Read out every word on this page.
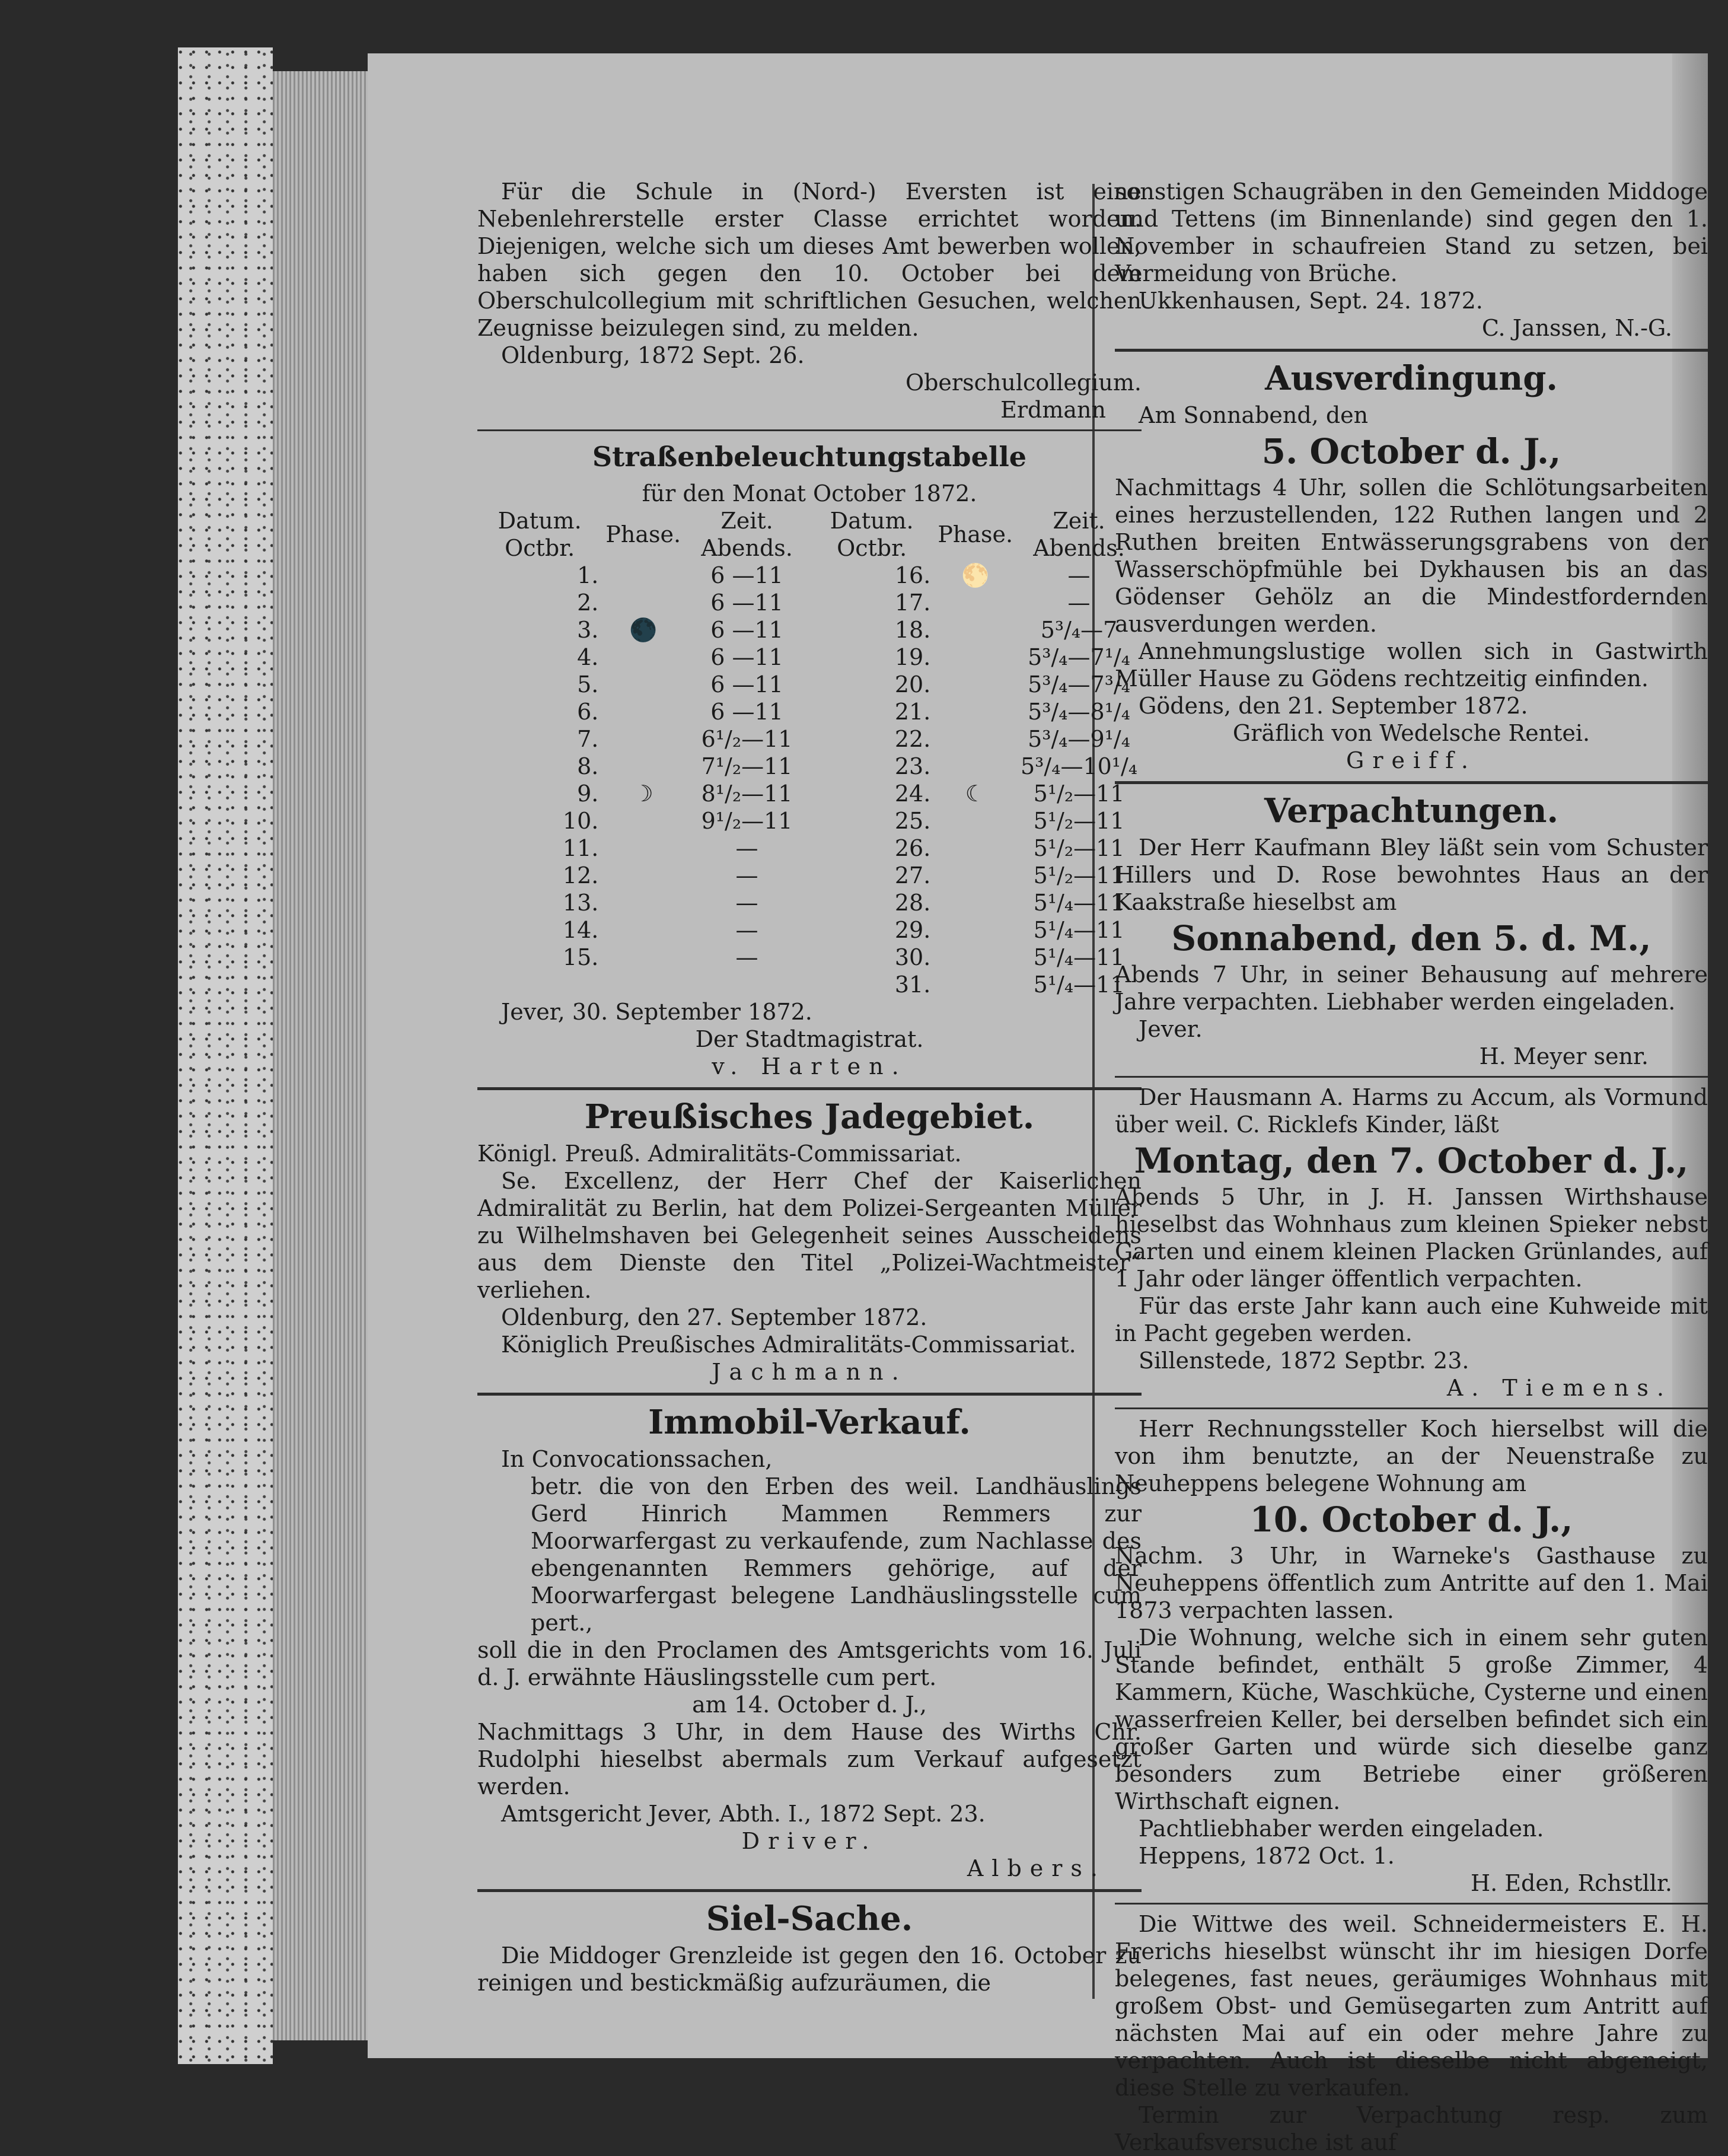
Für die Schule in (Nord-) Eversten ist eine Nebenlehrerstelle erster Classe errichtet worden. Diejenigen, welche sich um dieses Amt bewerben wollen, haben sich gegen den 10. October bei dem Oberschulcollegium mit schriftlichen Gesuchen, welchen Zeugnisse beizulegen sind, zu melden.

Oldenburg, 1872 Sept. 26.

Oberschulcollegium.

Erdmann

Straßenbeleuchtungstabelle

für den Monat October 1872.

Datum. Octbr.	Phase.	Zeit. Abends.	Datum. Octbr.	Phase.	Zeit. Abends.
1.		6 —11	16.	🌕	—
2.		6 —11	17.		—
3.	🌑	6 —11	18.		5³/₄—7
4.		6 —11	19.		5³/₄—7¹/₄
5.		6 —11	20.		5³/₄—7³/₄
6.		6 —11	21.		5³/₄—8¹/₄
7.		6¹/₂—11	22.		5³/₄—9¹/₄
8.		7¹/₂—11	23.		5³/₄—10¹/₄
9.	☽	8¹/₂—11	24.	☾	5¹/₂—11
10.		9¹/₂—11	25.		5¹/₂—11
11.		—	26.		5¹/₂—11
12.		—	27.		5¹/₂—11
13.		—	28.		5¹/₄—11
14.		—	29.		5¹/₄—11
15.		—	30.		5¹/₄—11
			31.		5¹/₄—11

Jever, 30. September 1872.

Der Stadtmagistrat.

v. Harten.

Preußisches Jadegebiet.

Königl. Preuß. Admiralitäts-Commissariat.

Se. Excellenz, der Herr Chef der Kaiserlichen Admiralität zu Berlin, hat dem Polizei-Sergeanten Müller zu Wilhelmshaven bei Gelegenheit seines Ausscheidens aus dem Dienste den Titel „Polizei-Wachtmeister“ verliehen.

Oldenburg, den 27. September 1872.

Königlich Preußisches Admiralitäts-Commissariat.

Jachmann.

Immobil-Verkauf.

In Convocationssachen,

betr. die von den Erben des weil. Landhäuslings Gerd Hinrich Mammen Remmers zur Moorwarfergast zu verkaufende, zum Nachlasse des ebengenannten Remmers gehörige, auf der Moorwarfergast belegene Landhäuslingsstelle cum pert.,

soll die in den Proclamen des Amtsgerichts vom 16. Juli d. J. erwähnte Häuslingsstelle cum pert.

am 14. October d. J.,

Nachmittags 3 Uhr, in dem Hause des Wirths Chr. Rudolphi hieselbst abermals zum Verkauf aufgesetzt werden.

Amtsgericht Jever, Abth. I., 1872 Sept. 23.

Driver.

Albers.

Siel-Sache.

Die Middoger Grenzleide ist gegen den 16. October zu reinigen und bestickmäßig aufzuräumen, die

sonstigen Schaugräben in den Gemeinden Middoge und Tettens (im Binnenlande) sind gegen den 1. November in schaufreien Stand zu setzen, bei Vermeidung von Brüche.

Ukkenhausen, Sept. 24. 1872.

C. Janssen, N.-G.

Ausverdingung.

Am Sonnabend, den

5. October d. J.,

Nachmittags 4 Uhr, sollen die Schlötungsarbeiten eines herzustellenden, 122 Ruthen langen und 2 Ruthen breiten Entwässerungsgrabens von der Wasserschöpfmühle bei Dykhausen bis an das Gödenser Gehölz an die Mindestfordernden ausverdungen werden.

Annehmungslustige wollen sich in Gastwirth Müller Hause zu Gödens rechtzeitig einfinden.

Gödens, den 21. September 1872.

Gräflich von Wedelsche Rentei.

Greiff.

Verpachtungen.

Der Herr Kaufmann Bley läßt sein vom Schuster Hillers und D. Rose bewohntes Haus an der Kaakstraße hieselbst am

Sonnabend, den 5. d. M.,

Abends 7 Uhr, in seiner Behausung auf mehrere Jahre verpachten. Liebhaber werden eingeladen.

Jever.

H. Meyer senr.

Der Hausmann A. Harms zu Accum, als Vormund über weil. C. Ricklefs Kinder, läßt

Montag, den 7. October d. J.,

Abends 5 Uhr, in J. H. Janssen Wirthshause hieselbst das Wohnhaus zum kleinen Spieker nebst Garten und einem kleinen Placken Grünlandes, auf 1 Jahr oder länger öffentlich verpachten.

Für das erste Jahr kann auch eine Kuhweide mit in Pacht gegeben werden.

Sillenstede, 1872 Septbr. 23.

A. Tiemens.

Herr Rechnungssteller Koch hierselbst will die von ihm benutzte, an der Neuenstraße zu Neuheppens belegene Wohnung am

10. October d. J.,

Nachm. 3 Uhr, in Warneke's Gasthause zu Neuheppens öffentlich zum Antritte auf den 1. Mai 1873 verpachten lassen.

Die Wohnung, welche sich in einem sehr guten Stande befindet, enthält 5 große Zimmer, 4 Kammern, Küche, Waschküche, Cysterne und einen wasserfreien Keller, bei derselben befindet sich ein großer Garten und würde sich dieselbe ganz besonders zum Betriebe einer größeren Wirthschaft eignen.

Pachtliebhaber werden eingeladen.

Heppens, 1872 Oct. 1.

H. Eden, Rchstllr.

Die Wittwe des weil. Schneidermeisters E. H. Frerichs hieselbst wünscht ihr im hiesigen Dorfe belegenes, fast neues, geräumiges Wohnhaus mit großem Obst- und Gemüsegarten zum Antritt auf nächsten Mai auf ein oder mehre Jahre zu verpachten. Auch ist dieselbe nicht abgeneigt, diese Stelle zu verkaufen.

Termin zur Verpachtung resp. zum Verkaufsversuche ist auf
